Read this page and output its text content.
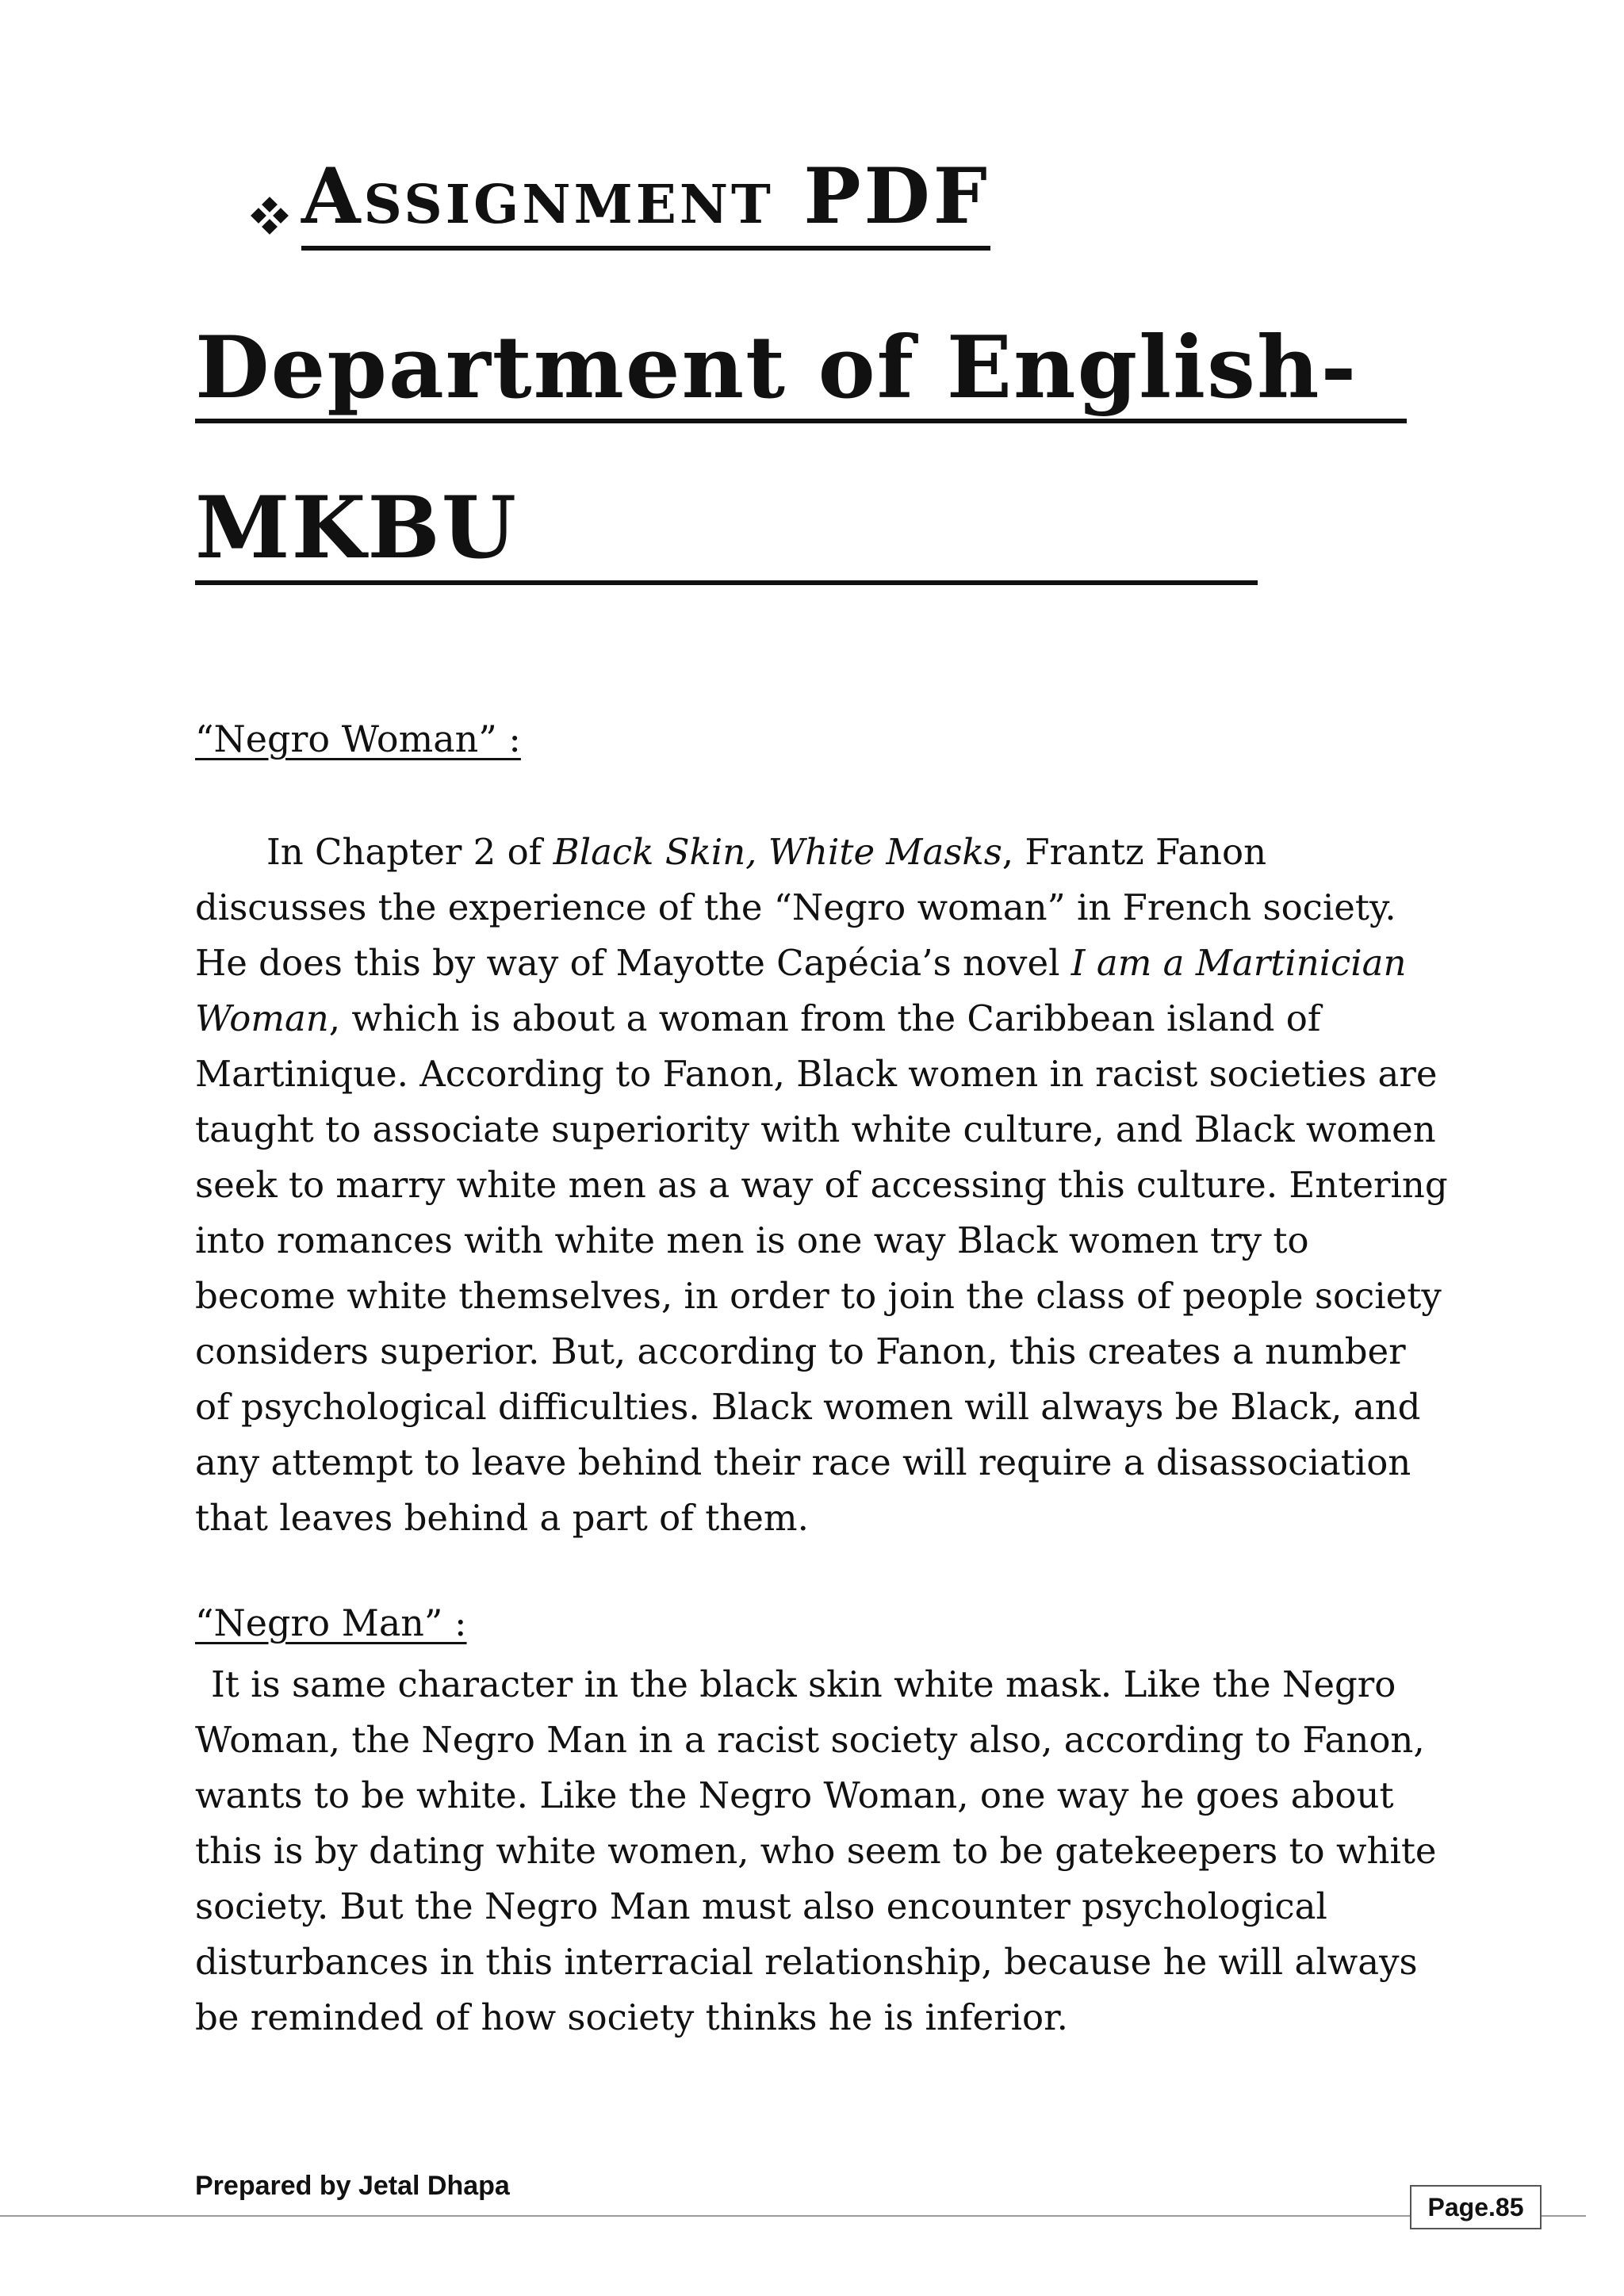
Assignment PDF
Department of English-
MKBU
“Negro Woman” :
In Chapter 2 of Black Skin, White Masks, Frantz Fanon discusses the experience of the “Negro woman” in French society. He does this by way of Mayotte Capécia’s novel I am a Martinician Woman, which is about a woman from the Caribbean island of Martinique. According to Fanon, Black women in racist societies are taught to associate superiority with white culture, and Black women seek to marry white men as a way of accessing this culture. Entering into romances with white men is one way Black women try to become white themselves, in order to join the class of people society considers superior. But, according to Fanon, this creates a number of psychological difficulties. Black women will always be Black, and any attempt to leave behind their race will require a disassociation that leaves behind a part of them.
“Negro Man” :
It is same character in the black skin white mask. Like the Negro Woman, the Negro Man in a racist society also, according to Fanon, wants to be white. Like the Negro Woman, one way he goes about this is by dating white women, who seem to be gatekeepers to white society. But the Negro Man must also encounter psychological disturbances in this interracial relationship, because he will always be reminded of how society thinks he is inferior.
Prepared by Jetal Dhapa
Page.85
